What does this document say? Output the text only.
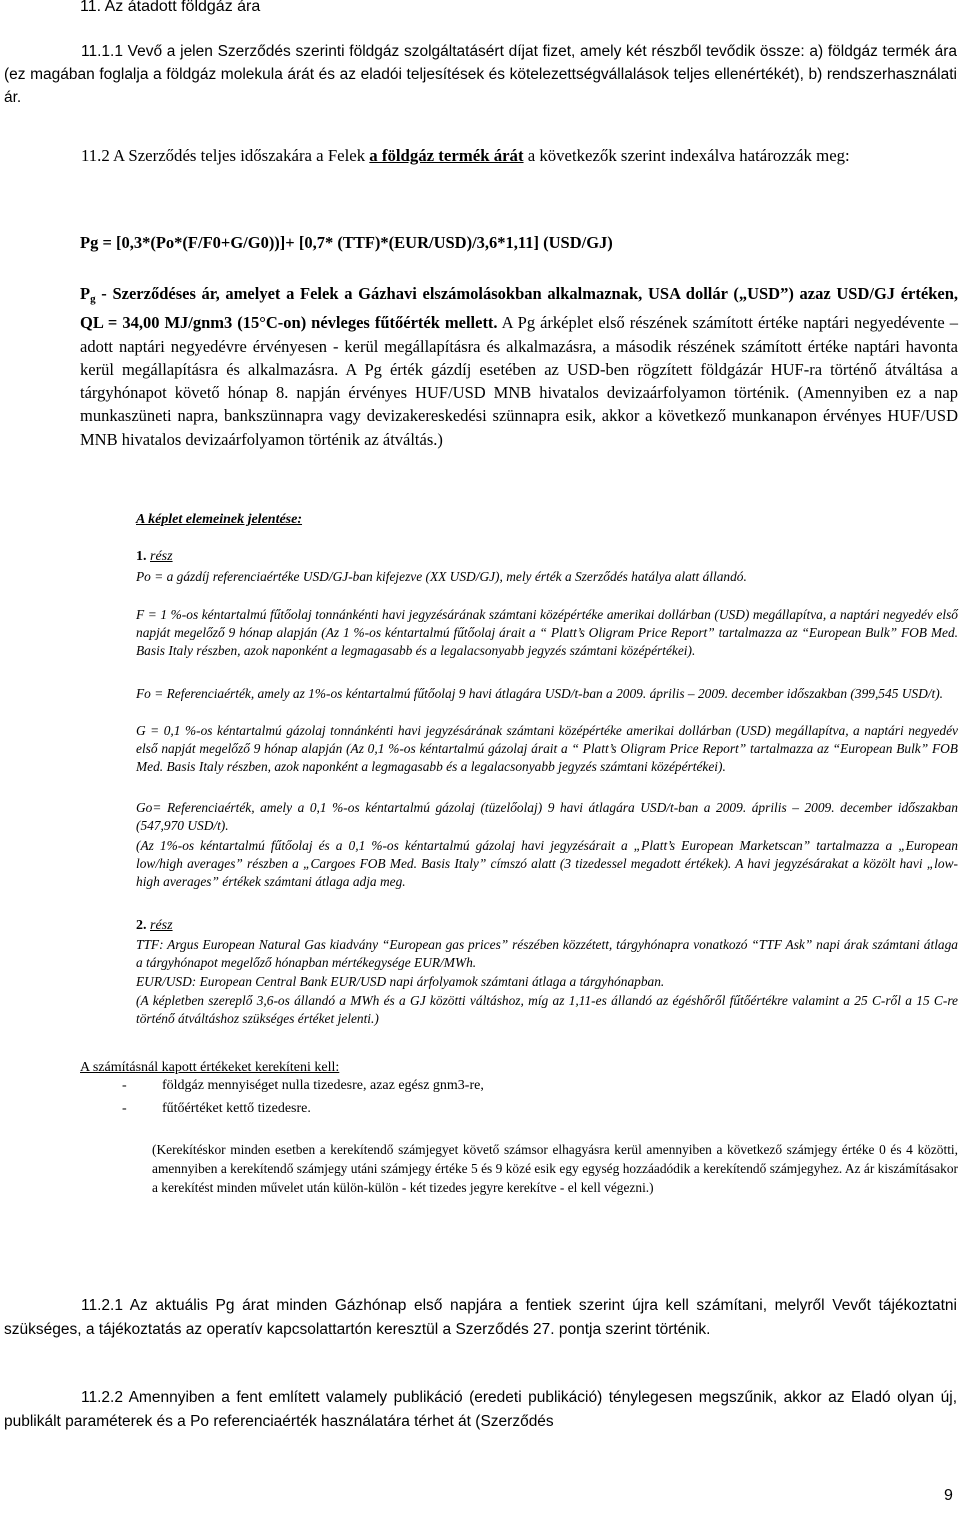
11. Az átadott földgáz ára
11.1.1 Vevő a jelen Szerződés szerinti földgáz szolgáltatásért díjat fizet, amely két részből tevődik össze: a) földgáz termék ára (ez magában foglalja a földgáz molekula árát és az eladói teljesítések és kötelezettségvállalások teljes ellenértékét), b) rendszerhasználati ár.
11.2 A Szerződés teljes időszakára a Felek a földgáz termék árát a következők szerint indexálva határozzák meg:
Pg = [0,3*(Po*(F/F0+G/G0))]+ [0,7* (TTF)*(EUR/USD)/3,6*1,11] (USD/GJ)
$P_g$ - Szerződéses ár, amelyet a Felek a Gázhavi elszámolásokban alkalmaznak, USA dollár („USD”) azaz USD/GJ értéken, QL = 34,00 MJ/gnm3 (15°C-on) névleges fűtőérték mellett. A Pg árképlet első részének számított értéke naptári negyedévente – adott naptári negyedévre érvényesen - kerül megállapításra és alkalmazásra, a második részének számított értéke naptári havonta kerül megállapításra és alkalmazásra. A Pg érték gázdíj esetében az USD-ben rögzített földgázár HUF-ra történő átváltása a tárgyhónapot követő hónap 8. napján érvényes HUF/USD MNB hivatalos devizaárfolyamon történik. (Amennyiben ez a nap munkaszüneti napra, bankszünnapra vagy devizakereskedési szünnapra esik, akkor a következő munkanapon érvényes HUF/USD MNB hivatalos devizaárfolyamon történik az átváltás.)
A képlet elemeinek jelentése:
1. rész
Po = a gázdíj referenciaértéke USD/GJ-ban kifejezve (XX USD/GJ), mely érték a Szerződés hatálya alatt állandó.
F = 1 %-os kéntartalmú fűtőolaj tonnánkénti havi jegyzésárának számtani középértéke amerikai dollárban (USD) megállapítva, a naptári negyedév első napját megelőző 9 hónap alapján (Az 1 %-os kéntartalmú fűtőolaj árait a “ Platt’s Oligram Price Report” tartalmazza az “European Bulk” FOB Med. Basis Italy részben, azok naponként a legmagasabb és a legalacsonyabb jegyzés számtani középértékei).
Fo = Referenciaérték, amely az 1%-os kéntartalmú fűtőolaj 9 havi átlagára USD/t-ban a 2009. április – 2009. december időszakban (399,545 USD/t).
G = 0,1 %-os kéntartalmú gázolaj tonnánkénti havi jegyzésárának számtani középértéke amerikai dollárban (USD) megállapítva, a naptári negyedév első napját megelőző 9 hónap alapján (Az 0,1 %-os kéntartalmú gázolaj árait a “ Platt’s Oligram Price Report” tartalmazza az “European Bulk” FOB Med. Basis Italy részben, azok naponként a legmagasabb és a legalacsonyabb jegyzés számtani középértékei).
Go= Referenciaérték, amely a 0,1 %-os kéntartalmú gázolaj (tüzelőolaj) 9 havi átlagára USD/t-ban a 2009. április – 2009. december időszakban (547,970 USD/t).
(Az 1%-os kéntartalmú fűtőolaj és a 0,1 %-os kéntartalmú gázolaj havi jegyzésárait a „Platt’s European Marketscan” tartalmazza a „European low/high averages” részben a „Cargoes FOB Med. Basis Italy” címszó alatt (3 tizedessel megadott értékek). A havi jegyzésárakat a közölt havi „low-high averages” értékek számtani átlaga adja meg.
2. rész
TTF: Argus European Natural Gas kiadvány “European gas prices” részében közzétett, tárgyhónapra vonatkozó “TTF Ask” napi árak számtani átlaga a tárgyhónapot megelőző hónapban mértékegysége EUR/MWh.
EUR/USD: European Central Bank EUR/USD napi árfolyamok számtani átlaga a tárgyhónapban.
(A képletben szereplő 3,6-os állandó a MWh és a GJ közötti váltáshoz, míg az 1,11-es állandó az égéshőről fűtőértékre valamint a 25 C-ről a 15 C-re történő átváltáshoz szükséges értéket jelenti.)
A számításnál kapott értékeket kerekíteni kell:
-	földgáz mennyiséget nulla tizedesre, azaz egész gnm3-re,
-	fűtőértéket kettő tizedesre.
(Kerekítéskor minden esetben a kerekítendő számjegyet követő számsor elhagyásra kerül amennyiben a következő számjegy értéke 0 és 4 közötti, amennyiben a kerekítendő számjegy utáni számjegy értéke 5 és 9 közé esik egy egység hozzáadódik a kerekítendő számjegyhez. Az ár kiszámításakor a kerekítést minden művelet után külön-külön - két tizedes jegyre kerekítve - el kell végezni.)
11.2.1 Az aktuális Pg árat minden Gázhónap első napjára a fentiek szerint újra kell számítani, melyről Vevőt tájékoztatni szükséges, a tájékoztatás az operatív kapcsolattartón keresztül a Szerződés 27. pontja szerint történik.
11.2.2 Amennyiben a fent említett valamely publikáció (eredeti publikáció) ténylegesen megszűnik, akkor az Eladó olyan új, publikált paraméterek és a Po referenciaérték használatára térhet át (Szerződés
9
